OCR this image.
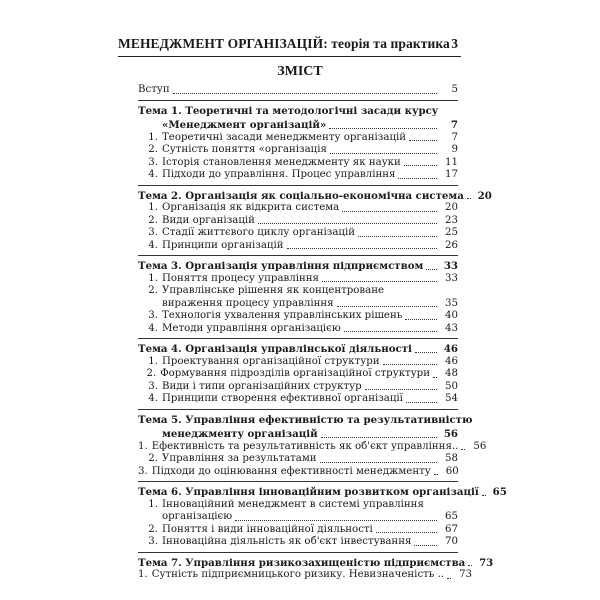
МЕНЕДЖМЕНТ ОРГАНІЗАЦІЙ: теорія та практика 3
ЗМІСТ
Вступ	5
Тема 1. Теоретичні та методологічні засади курсу
«Менеджмент організацій»	7
1. Теоретичні засади менеджменту організацій	7
2. Сутність поняття «організація	9
3. Історія становлення менеджменту як науки	11
4. Підходи до управління. Процес управління	17
Тема 2. Організація як соціально-економічна система	20
1. Організація як відкрита система	20
2. Види організацій	23
3. Стадії життєвого циклу організацій	25
4. Принципи організацій	26
Тема 3. Організація управління підприємством	33
1. Поняття процесу управління	33
2. Управлінське рішення як концентроване
вираження процесу управління	35
3. Технологія ухвалення управлінських рішень	40
4. Методи управління організацією	43
Тема 4. Організація управлінської діяльності	46
1. Проектування організаційної структури	46
2. Формування підрозділів організаційної структури	48
3. Види і типи організаційних структур	50
4. Принципи створення ефективної організації	54
Тема 5. Управління ефективністю та результативністю
менеджменту організацій	56
1. Ефективність та результативність як об'єкт управління..	56
2. Управління за результатами	58
3. Підходи до оцінювання ефективності менеджменту	60
Тема 6. Управління інноваційним розвитком організації	65
1. Інноваційний менеджмент в системі управління
організацією	65
2. Поняття і види інноваційної діяльності	67
3. Інноваційна діяльність як об'єкт інвестування	70
Тема 7. Управління ризикозахищеністю підприємства	73
1. Сутність підприємницького ризику. Невизначеність ..	73
